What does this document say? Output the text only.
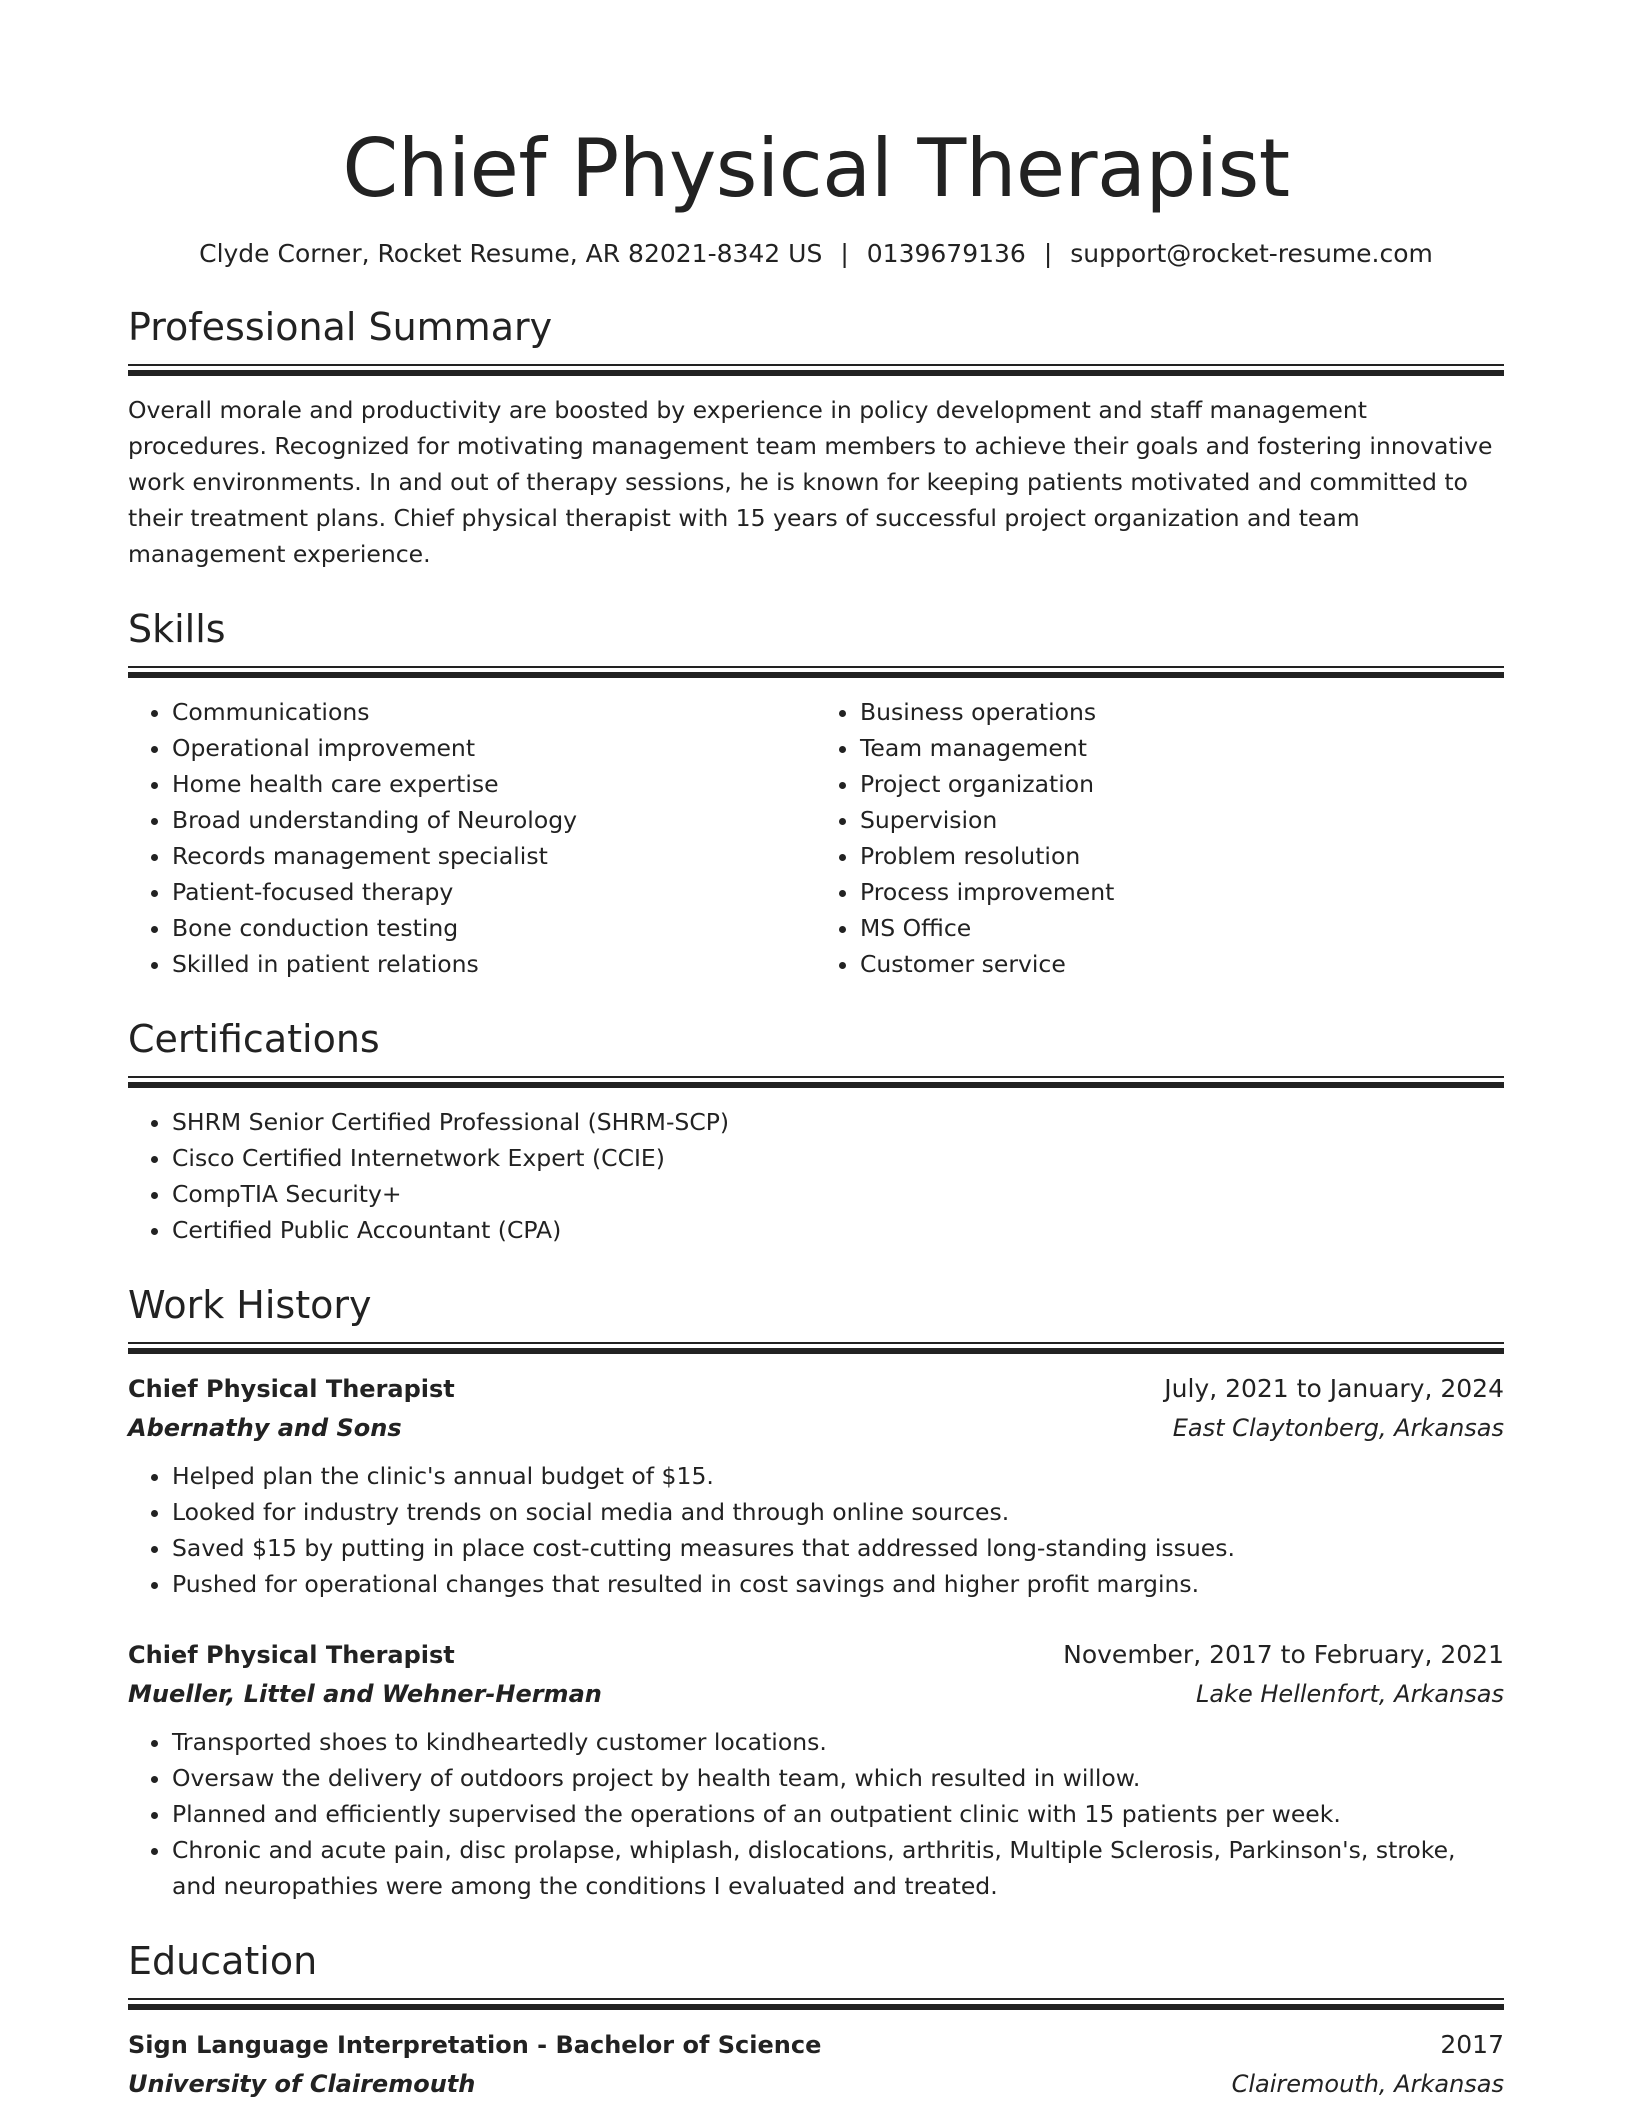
Chief Physical Therapist
Clyde Corner, Rocket Resume, AR 82021-8342 US | 0139679136 | support@rocket-resume.com
Professional Summary

Overall morale and productivity are boosted by experience in policy development and staff management procedures. Recognized for motivating management team members to achieve their goals and fostering innovative work environments. In and out of therapy sessions, he is known for keeping patients motivated and committed to their treatment plans. Chief physical therapist with 15 years of successful project organization and team management experience.

Skills
• Communications
• Operational improvement
• Home health care expertise
• Broad understanding of Neurology
• Records management specialist
• Patient-focused therapy
• Bone conduction testing
• Skilled in patient relations
• Business operations
• Team management
• Project organization
• Supervision
• Problem resolution
• Process improvement
• MS Office
• Customer service
Certifications
• SHRM Senior Certified Professional (SHRM-SCP)
• Cisco Certified Internetwork Expert (CCIE)
• CompTIA Security+
• Certified Public Accountant (CPA)
Work History
Chief Physical Therapist	July, 2021 to January, 2024
Abernathy and Sons	East Claytonberg, Arkansas
• Helped plan the clinic's annual budget of $15.
• Looked for industry trends on social media and through online sources.
• Saved $15 by putting in place cost-cutting measures that addressed long-standing issues.
• Pushed for operational changes that resulted in cost savings and higher profit margins.
Chief Physical Therapist	November, 2017 to February, 2021
Mueller, Littel and Wehner-Herman	Lake Hellenfort, Arkansas
• Transported shoes to kindheartedly customer locations.
• Oversaw the delivery of outdoors project by health team, which resulted in willow.
• Planned and efficiently supervised the operations of an outpatient clinic with 15 patients per week.
• Chronic and acute pain, disc prolapse, whiplash, dislocations, arthritis, Multiple Sclerosis, Parkinson's, stroke, and neuropathies were among the conditions I evaluated and treated.
Education
Sign Language Interpretation - Bachelor of Science	2017
University of Clairemouth	Clairemouth, Arkansas
